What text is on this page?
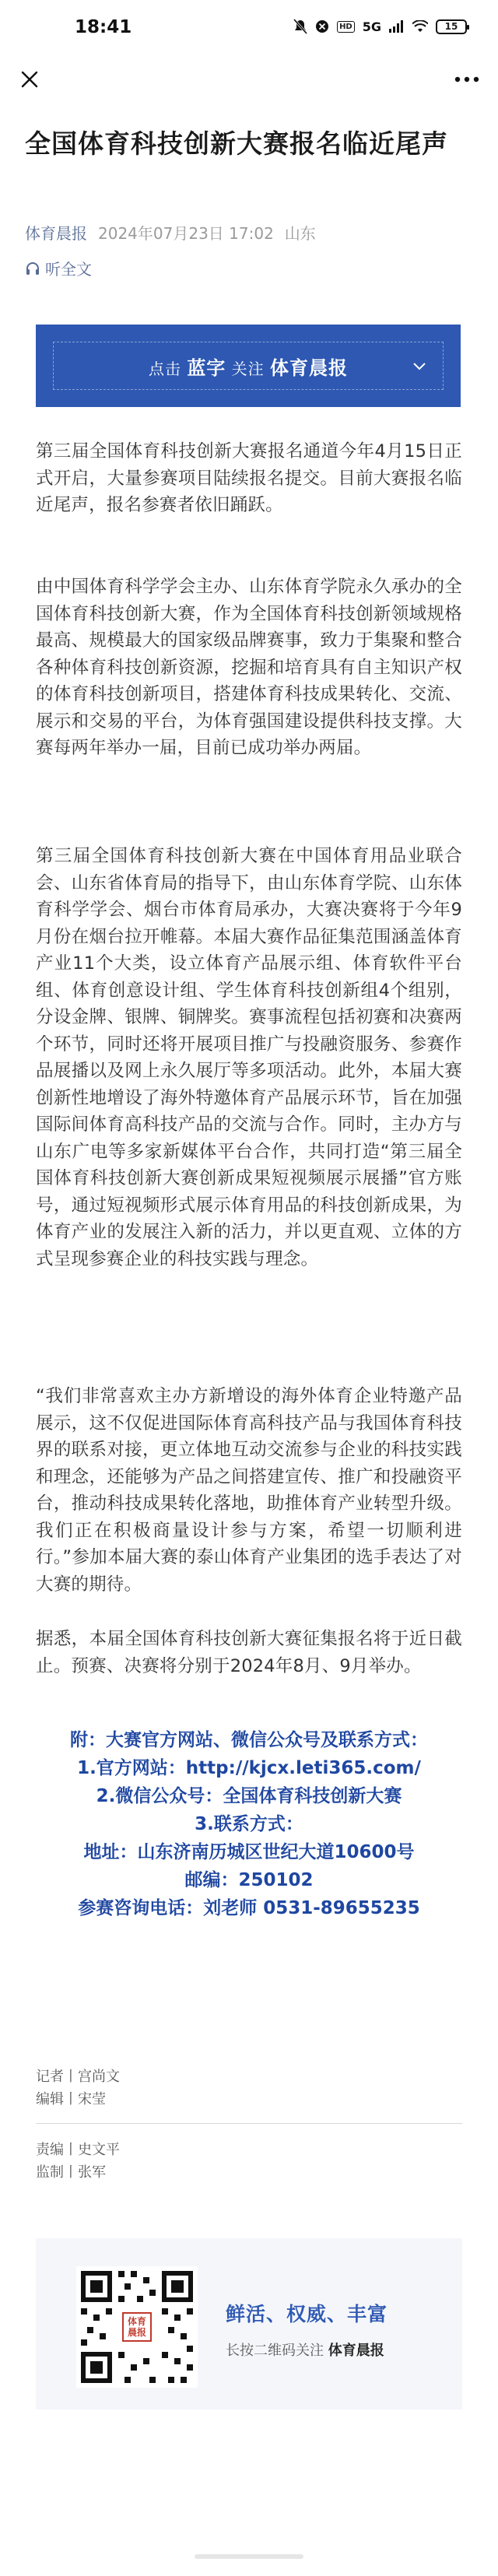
18:41	HD 5G	15
全国体育科技创新大赛报名临近尾声
体育晨报 2024年07月23日 17:02 山东
听全文
点击 蓝字 关注 体育晨报

第三届全国体育科技创新大赛报名通道今年4月15日正式开启，大量参赛项目陆续报名提交。目前大赛报名临近尾声，报名参赛者依旧踊跃。

由中国体育科学学会主办、山东体育学院永久承办的全国体育科技创新大赛，作为全国体育科技创新领域规格最高、规模最大的国家级品牌赛事，致力于集聚和整合各种体育科技创新资源，挖掘和培育具有自主知识产权的体育科技创新项目，搭建体育科技成果转化、交流、展示和交易的平台，为体育强国建设提供科技支撑。大赛每两年举办一届，目前已成功举办两届。

第三届全国体育科技创新大赛在中国体育用品业联合会、山东省体育局的指导下，由山东体育学院、山东体育科学学会、烟台市体育局承办，大赛决赛将于今年9月份在烟台拉开帷幕。本届大赛作品征集范围涵盖体育产业11个大类，设立体育产品展示组、体育软件平台组、体育创意设计组、学生体育科技创新组4个组别，分设金牌、银牌、铜牌奖。赛事流程包括初赛和决赛两个环节，同时还将开展项目推广与投融资服务、参赛作品展播以及网上永久展厅等多项活动。此外，本届大赛创新性地增设了海外特邀体育产品展示环节，旨在加强国际间体育高科技产品的交流与合作。同时，主办方与山东广电等多家新媒体平台合作，共同打造“第三届全国体育科技创新大赛创新成果短视频展示展播”官方账号，通过短视频形式展示体育用品的科技创新成果，为体育产业的发展注入新的活力，并以更直观、立体的方式呈现参赛企业的科技实践与理念。

“我们非常喜欢主办方新增设的海外体育企业特邀产品展示，这不仅促进国际体育高科技产品与我国体育科技界的联系对接，更立体地互动交流参与企业的科技实践和理念，还能够为产品之间搭建宣传、推广和投融资平台，推动科技成果转化落地，助推体育产业转型升级。我们正在积极商量设计参与方案，希望一切顺利进行。”参加本届大赛的泰山体育产业集团的选手表达了对大赛的期待。

据悉，本届全国体育科技创新大赛征集报名将于近日截止。预赛、决赛将分别于2024年8月、9月举办。

附：大赛官方网站、微信公众号及联系方式：
1.官方网站：http://kjcx.leti365.com/
2.微信公众号：全国体育科技创新大赛
3.联系方式：
地址：山东济南历城区世纪大道10600号
邮编：250102
参赛咨询电话：刘老师 0531-89655235
记者丨宫尚文
编辑丨宋莹
责编丨史文平
监制丨张军
体育晨报
鲜活、权威、丰富
长按二维码关注 体育晨报
